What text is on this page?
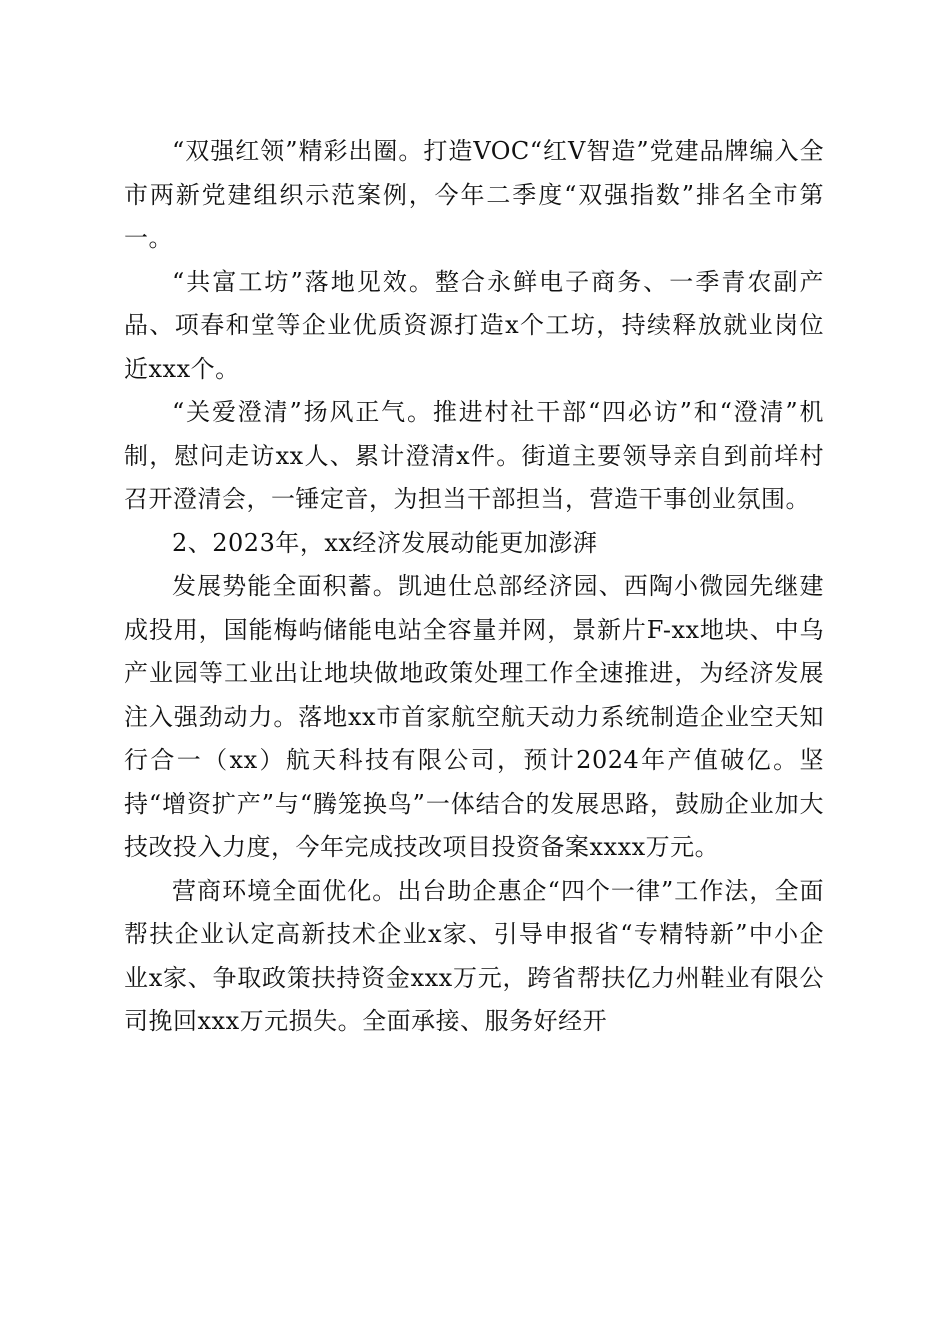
“双强红领”精彩出圈。打造VOC“红V智造”党建品牌编入全市两新党建组织示范案例，今年二季度“双强指数”排名全市第一。

“共富工坊”落地见效。整合永鲜电子商务、一季青农副产品、项春和堂等企业优质资源打造x个工坊，持续释放就业岗位近xxx个。

“关爱澄清”扬风正气。推进村社干部“四必访”和“澄清”机制，慰问走访xx人、累计澄清x件。街道主要领导亲自到前垟村召开澄清会，一锤定音，为担当干部担当，营造干事创业氛围。

2、2023年，xx经济发展动能更加澎湃

发展势能全面积蓄。凯迪仕总部经济园、西陶小微园先继建成投用，国能梅屿储能电站全容量并网，景新片F-xx地块、中乌产业园等工业出让地块做地政策处理工作全速推进，为经济发展注入强劲动力。落地xx市首家航空航天动力系统制造企业空天知行合一（xx）航天科技有限公司，预计2024年产值破亿。坚持“增资扩产”与“腾笼换鸟”一体结合的发展思路，鼓励企业加大技改投入力度，今年完成技改项目投资备案xxxx万元。

营商环境全面优化。出台助企惠企“四个一律”工作法，全面帮扶企业认定高新技术企业x家、引导申报省“专精特新”中小企业x家、争取政策扶持资金xxx万元，跨省帮扶亿力州鞋业有限公司挽回xxx万元损失。全面承接、服务好经开
